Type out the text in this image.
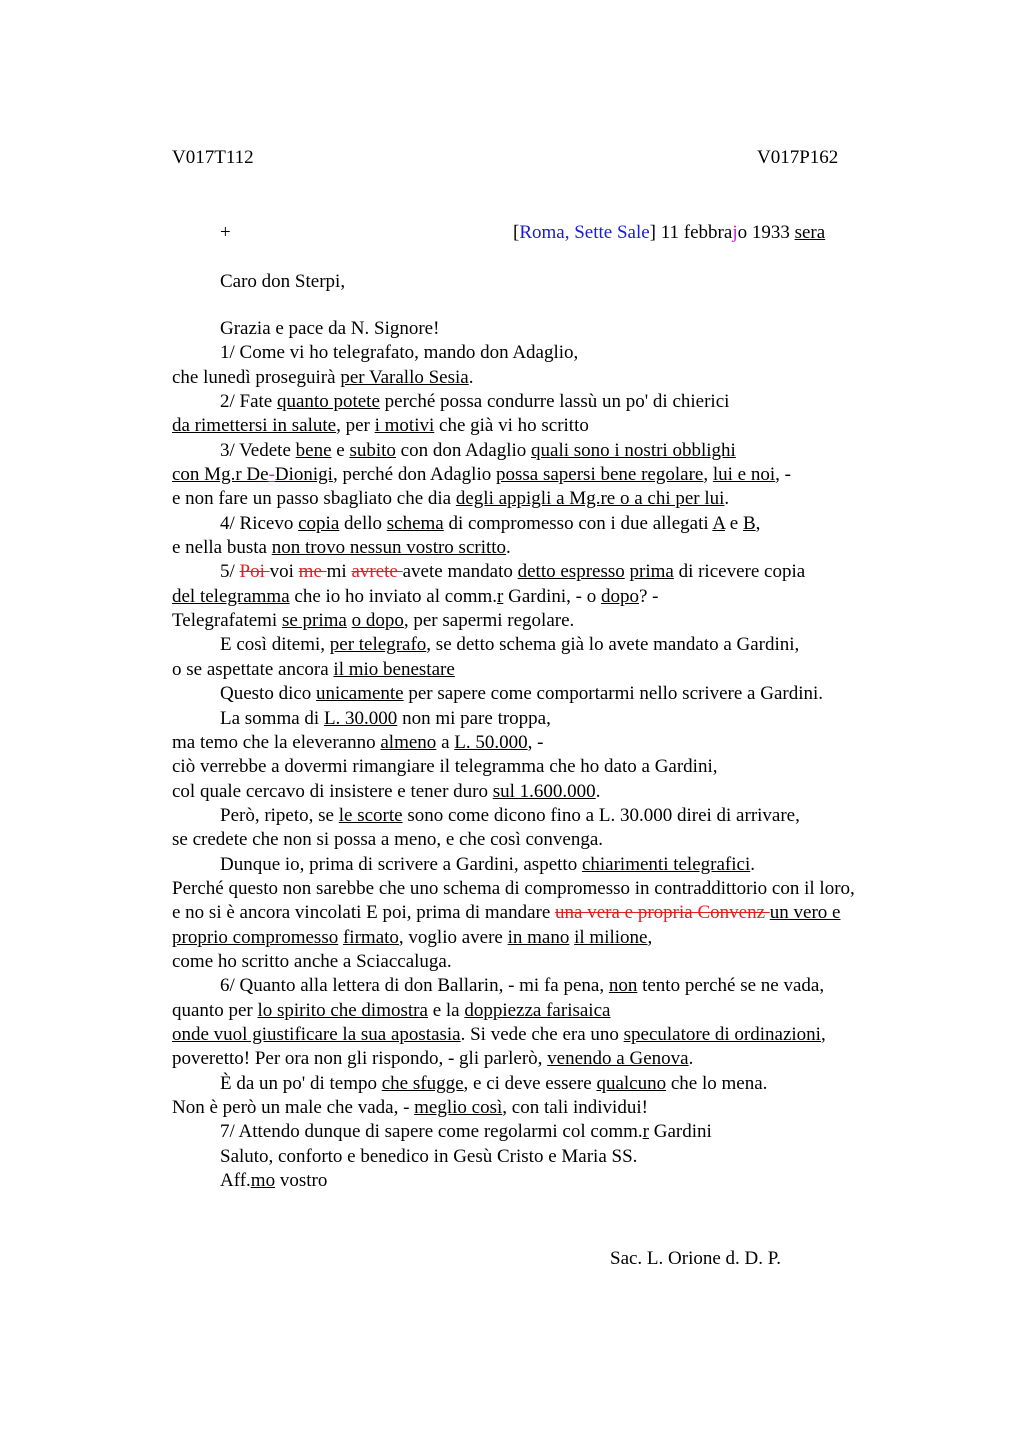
V017T112	V017P162
+	[Roma, Sette Sale] 11 febbrajo 1933 sera
Caro don Sterpi,
Grazia e pace da N. Signore!
1/ Come vi ho telegrafato, mando don Adaglio,
che lunedì proseguirà per Varallo Sesia.
2/ Fate quanto potete perché possa condurre lassù un po' di chierici
da rimettersi in salute, per i motivi che già vi ho scritto
3/ Vedete bene e subito con don Adaglio quali sono i nostri obblighi
con Mg.r De-Dionigi, perché don Adaglio possa sapersi bene regolare, lui e noi, -
e non fare un passo sbagliato che dia degli appigli a Mg.re o a chi per lui.
4/ Ricevo copia dello schema di compromesso con i due allegati A e B,
e nella busta non trovo nessun vostro scritto.
5/ Poi voi me mi avrete avete mandato detto espresso prima di ricevere copia
del telegramma che io ho inviato al comm.r Gardini, - o dopo? -
Telegrafatemi se prima o dopo, per sapermi regolare.
E così ditemi, per telegrafo, se detto schema già lo avete mandato a Gardini,
o se aspettate ancora il mio benestare
Questo dico unicamente per sapere come comportarmi nello scrivere a Gardini.
La somma di L. 30.000 non mi pare troppa,
ma temo che la eleveranno almeno a L. 50.000, -
ciò verrebbe a dovermi rimangiare il telegramma che ho dato a Gardini,
col quale cercavo di insistere e tener duro sul 1.600.000.
Però, ripeto, se le scorte sono come dicono fino a L. 30.000 direi di arrivare,
se credete che non si possa a meno, e che così convenga.
Dunque io, prima di scrivere a Gardini, aspetto chiarimenti telegrafici.
Perché questo non sarebbe che uno schema di compromesso in contraddittorio con il loro,
e no si è ancora vincolati E poi, prima di mandare una vera e propria Convenz un vero e proprio compromesso firmato, voglio avere in mano il milione,
come ho scritto anche a Sciaccaluga.
6/ Quanto alla lettera di don Ballarin, - mi fa pena, non tento perché se ne vada,
quanto per lo spirito che dimostra e la doppiezza farisaica
onde vuol giustificare la sua apostasia. Si vede che era uno speculatore di ordinazioni,
poveretto! Per ora non gli rispondo, - gli parlerò, venendo a Genova.
È da un po' di tempo che sfugge, e ci deve essere qualcuno che lo mena.
Non è però un male che vada, - meglio così, con tali individui!
7/ Attendo dunque di sapere come regolarmi col comm.r Gardini
Saluto, conforto e benedico in Gesù Cristo e Maria SS.
Aff.mo vostro
Sac. L. Orione d. D. P.
